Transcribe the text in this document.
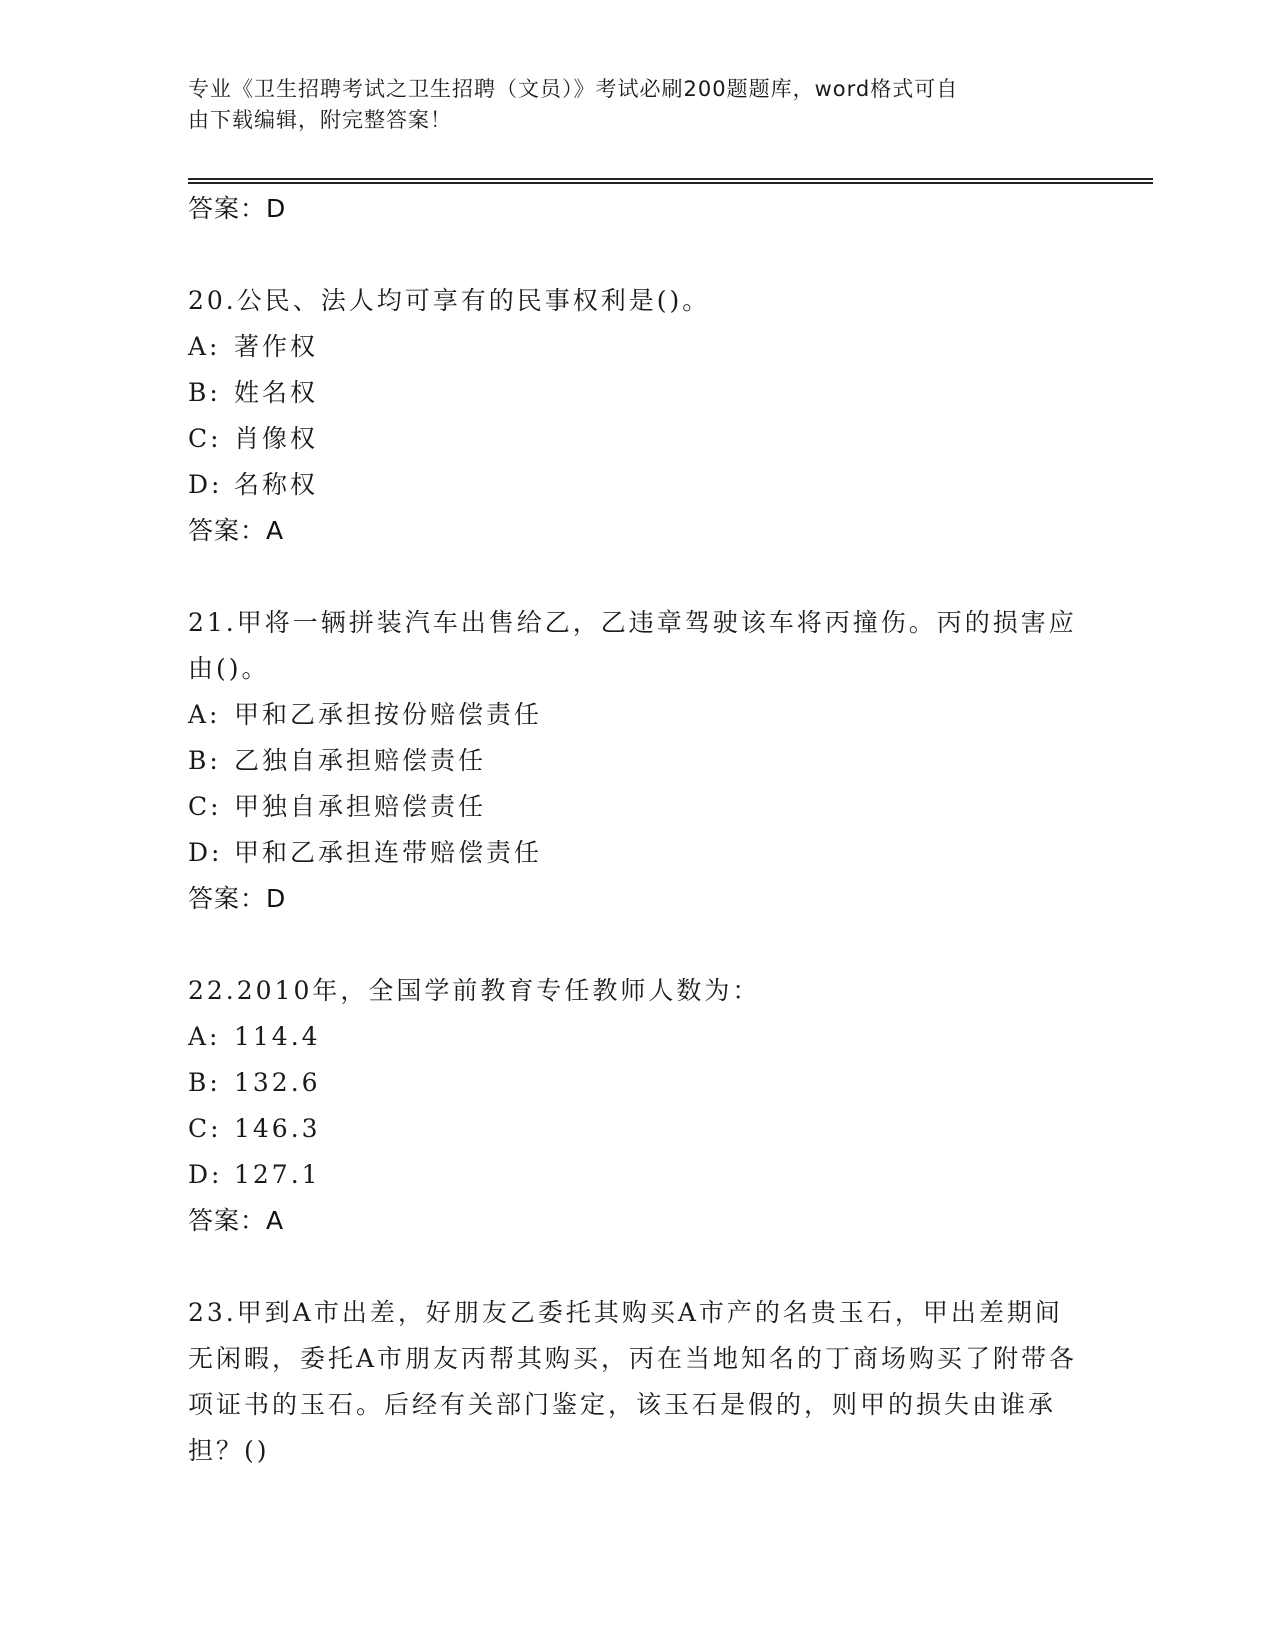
专业《卫生招聘考试之卫生招聘（文员）》考试必刷200题题库，word格式可自
由下载编辑，附完整答案！
答案：D
20.公民、法人均可享有的民事权利是()。
A: 著作权
B: 姓名权
C: 肖像权
D: 名称权
答案：A
21.甲将一辆拼装汽车出售给乙，乙违章驾驶该车将丙撞伤。丙的损害应由()。
A: 甲和乙承担按份赔偿责任
B: 乙独自承担赔偿责任
C: 甲独自承担赔偿责任
D: 甲和乙承担连带赔偿责任
答案：D
22.2010年，全国学前教育专任教师人数为：
A: 114.4
B: 132.6
C: 146.3
D: 127.1
答案：A
23.甲到A市出差，好朋友乙委托其购买A市产的名贵玉石，甲出差期间无闲暇，委托A市朋友丙帮其购买，丙在当地知名的丁商场购买了附带各项证书的玉石。后经有关部门鉴定，该玉石是假的，则甲的损失由谁承担？()
